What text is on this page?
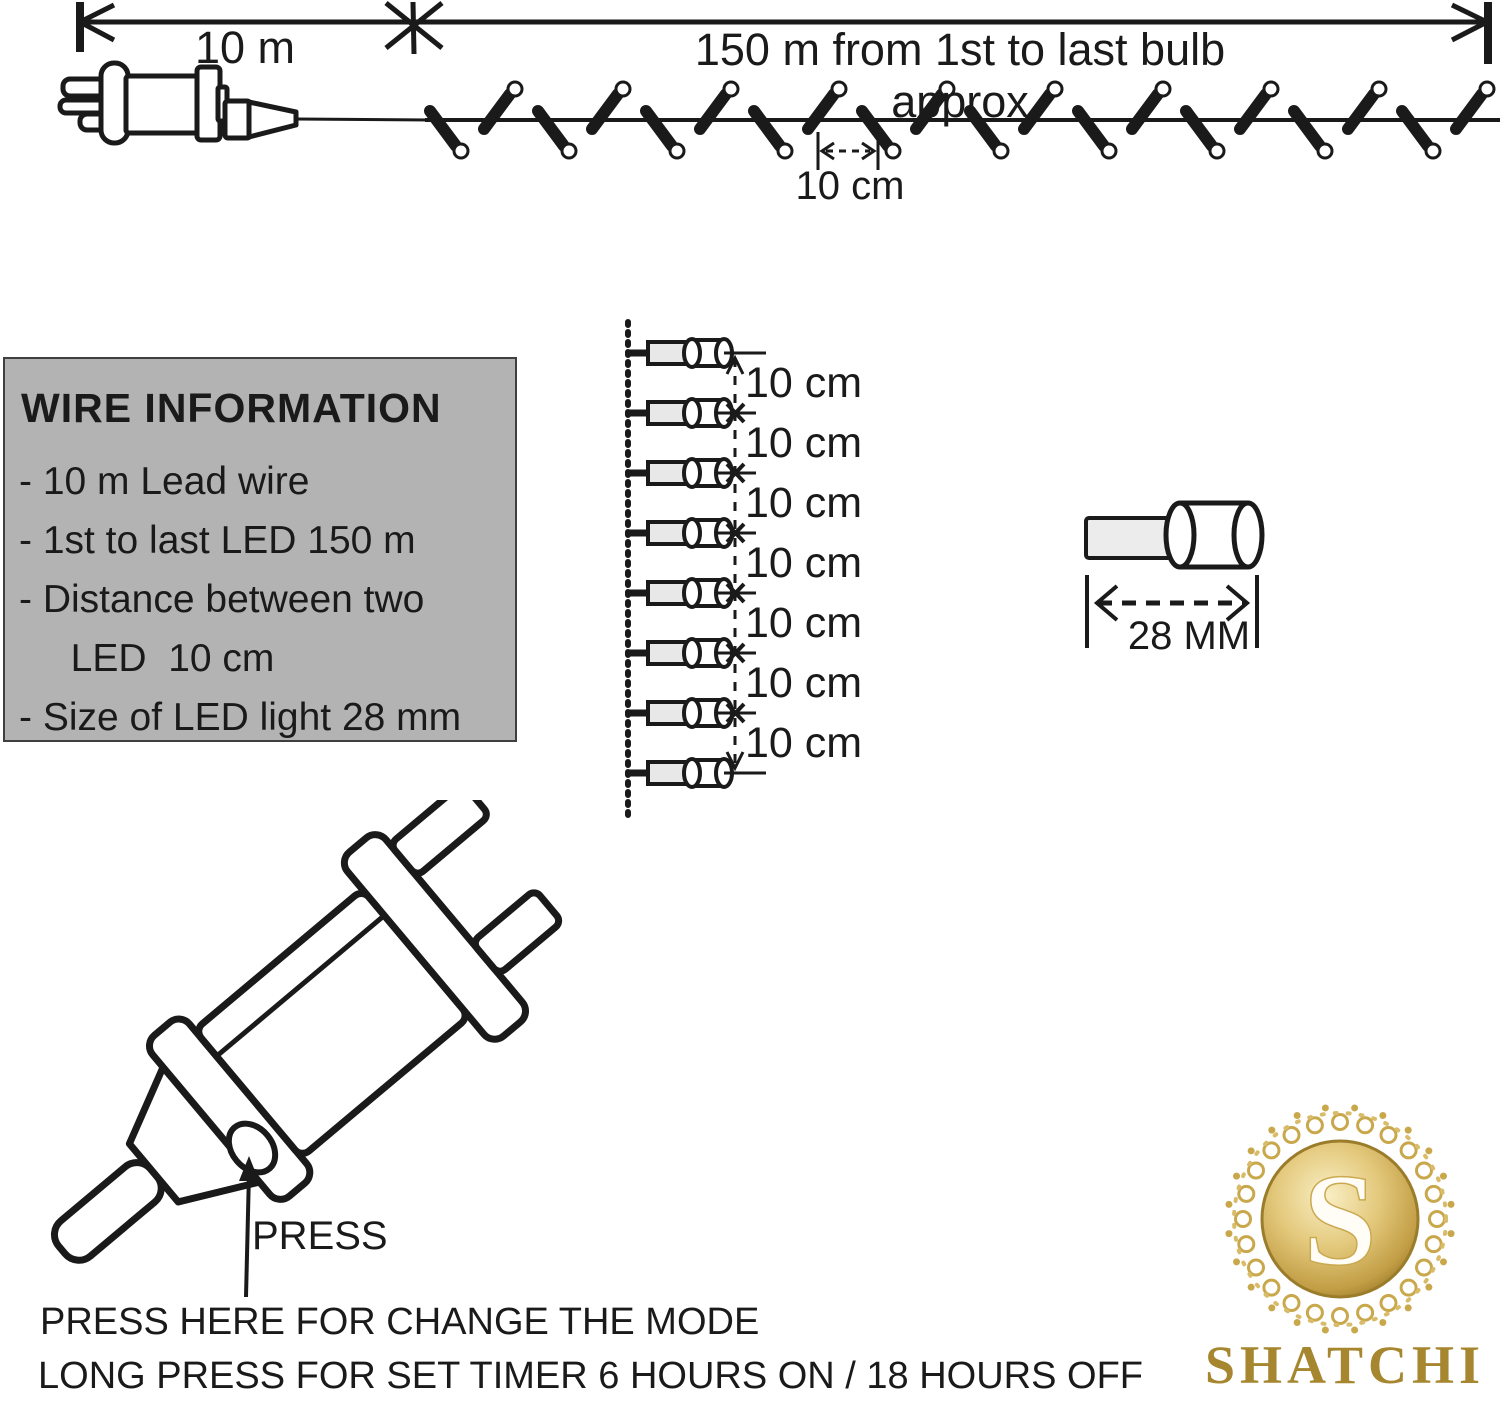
10 m	150 m from 1st to last bulb approx
10 cm
WIRE INFORMATION
- 10 m Lead wire
- 1st to last LED 150 m
- Distance between two
LED  10 cm
- Size of LED light 28 mm
10 cm
10 cm
10 cm
10 cm
10 cm
10 cm
10 cm
28 MM
PRESS
PRESS HERE FOR CHANGE THE MODE
LONG PRESS FOR SET TIMER 6 HOURS ON / 18 HOURS OFF
S
SHATCHI
